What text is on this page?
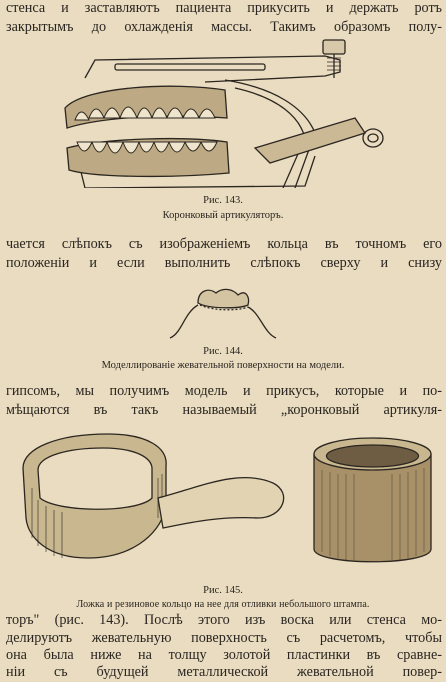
стенса и заставляютъ пациента прикусить и держать ротъ
закрытымъ до охлажденія массы. Такимъ образомъ полу-
Рис. 143.
Коронковый артикуляторъ.
чается слѣпокъ съ изображеніемъ кольца въ точномъ его
положеніи и если выполнить слѣпокъ сверху и снизу
Рис. 144.
Моделлированіе жевательной поверхности на модели.
гипсомъ, мы получимъ модель и прикусъ, которые и по-
мѣщаются въ такъ называемый „коронковый артикуля-
Рис. 145.
Ложка и резиновое кольцо на нее для отливки небольшого штампа.
торъ" (рис. 143). Послѣ этого изъ воска или стенса мо-
делируютъ жевательную поверхность съ расчетомъ, чтобы
она была ниже на толщу золотой пластинки въ сравне-
ніи съ будущей металлической жевательной повер-
